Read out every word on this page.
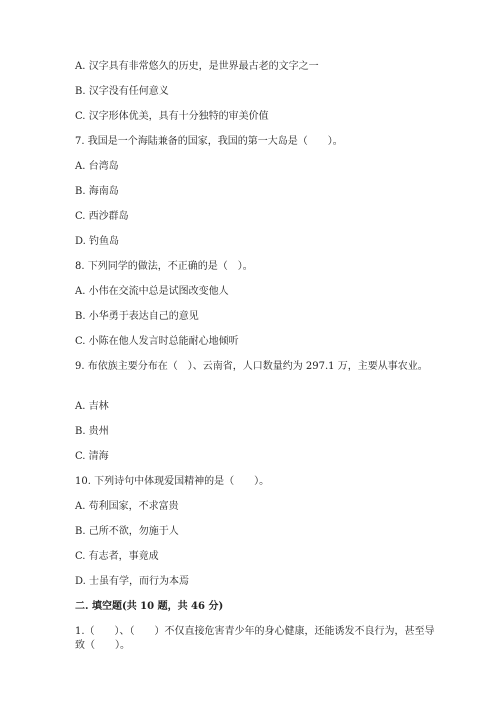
A. 汉字具有非常悠久的历史，是世界最古老的文字之一
B. 汉字没有任何意义
C. 汉字形体优美，具有十分独特的审美价值
7. 我国是一个海陆兼备的国家，我国的第一大岛是（　　）。
A. 台湾岛
B. 海南岛
C. 西沙群岛
D. 钓鱼岛
8. 下列同学的做法，不正确的是（　）。
A. 小伟在交流中总是试图改变他人
B. 小华勇于表达自己的意见
C. 小陈在他人发言时总能耐心地倾听
9. 布依族主要分布在（　）、云南省，人口数量约为 297.1 万，主要从事农业。
A. 吉林
B. 贵州
C. 清海
10. 下列诗句中体现爱国精神的是（　　）。
A. 苟利国家，不求富贵
B. 己所不欲，勿施于人
C. 有志者，事竟成
D. 士虽有学，而行为本焉
二. 填空题(共 10 题，共 46 分)
1.（　　）、（　　）不仅直接危害青少年的身心健康，还能诱发不良行为，甚至导致（　　）。
